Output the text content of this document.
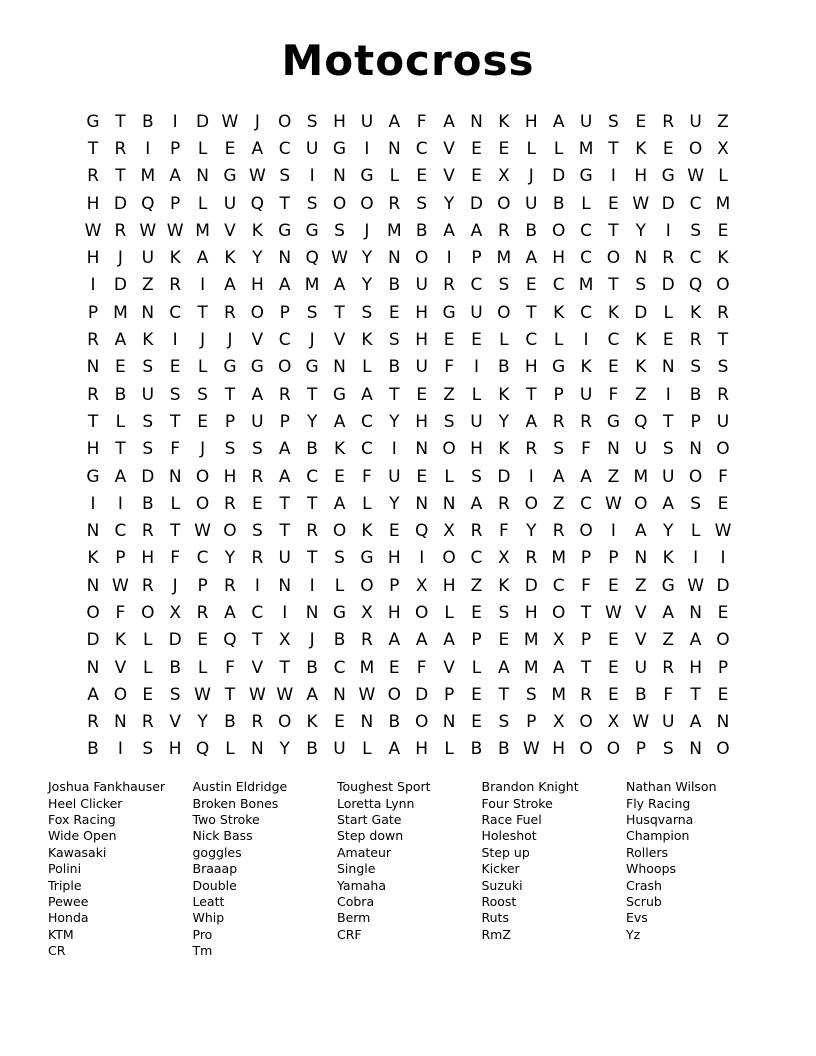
Motocross
G T B	I	D W J	O S H U A F A N K H A U S E R U Z
T R	I	P	L	E A C U G	I	N C V E E	L	L M T K E O X
R T M A N G W S	I	N G L	E V E X	J	D G	I	H G W L
H D Q P	L U Q T S O O R S Y D O U B L	E W D C M
W R W W M V K G G S	J	M B A A R B O C T	Y	I	S E
H	J	U K A K Y N Q W Y N O	I	P M A H C O N R C K
I	D Z R	I	A H A M A Y B U R C S E C M T S D Q O
P M N C T R O P S T S E H G U O T K C K D L	K R
R A K	I	J	J	V C	J	V K S H E E	L C L	I	C K E R T
N E S E	L G G O G N L B U F	I	B H G K E K N S S
R B U S S T A R T G A T E Z L	K T	P U F Z	I	B R
T	L	S T E P U P	Y A C Y H S U Y A R R G Q T	P U
H T S	F	J	S S A B K C	I	N O H K R S	F N U S N O
G A D N O H R A C E	F U E	L	S D	I	A A Z M U O F
I	I	B L O R E T	T A L	Y N N A R O Z C W O A S E
N C R T W O S T R O K E Q X R F	Y R O	I	A Y	L W
K P H F C Y R U T S G H	I	O C X R M P	P N K	I	I
N W R	J	P R	I	N	I	L O P X H Z K D C F	E Z G W D
O F O X R A C	I	N G X H O L	E S H O T W V A N E
D K	L D E Q T X	J	B R A A A P E M X P E V Z A O
N V L B L	F V T B C M E	F V L A M A T E U R H P
A O E S W T W W A N W O D P E T S M R E B F	T E
R N R V Y B R O K E N B O N E S P X O X W U A N
B	I	S H Q L N Y B U L A H L B B W H O O P S N O
Joshua Fankhauser
Heel Clicker
Fox Racing
Wide Open
Kawasaki
Polini
Triple
Pewee
Honda
KTM
CR
Austin Eldridge
Broken Bones
Two Stroke
Nick Bass
goggles
Braaap
Double
Leatt
Whip
Pro
Tm
Toughest Sport
Loretta Lynn
Start Gate
Step down
Amateur
Single
Yamaha
Cobra
Berm
CRF
Brandon Knight
Four Stroke
Race Fuel
Holeshot
Step up
Kicker
Suzuki
Roost
Ruts
RmZ
Nathan Wilson
Fly Racing
Husqvarna
Champion
Rollers
Whoops
Crash
Scrub
Evs
Yz
